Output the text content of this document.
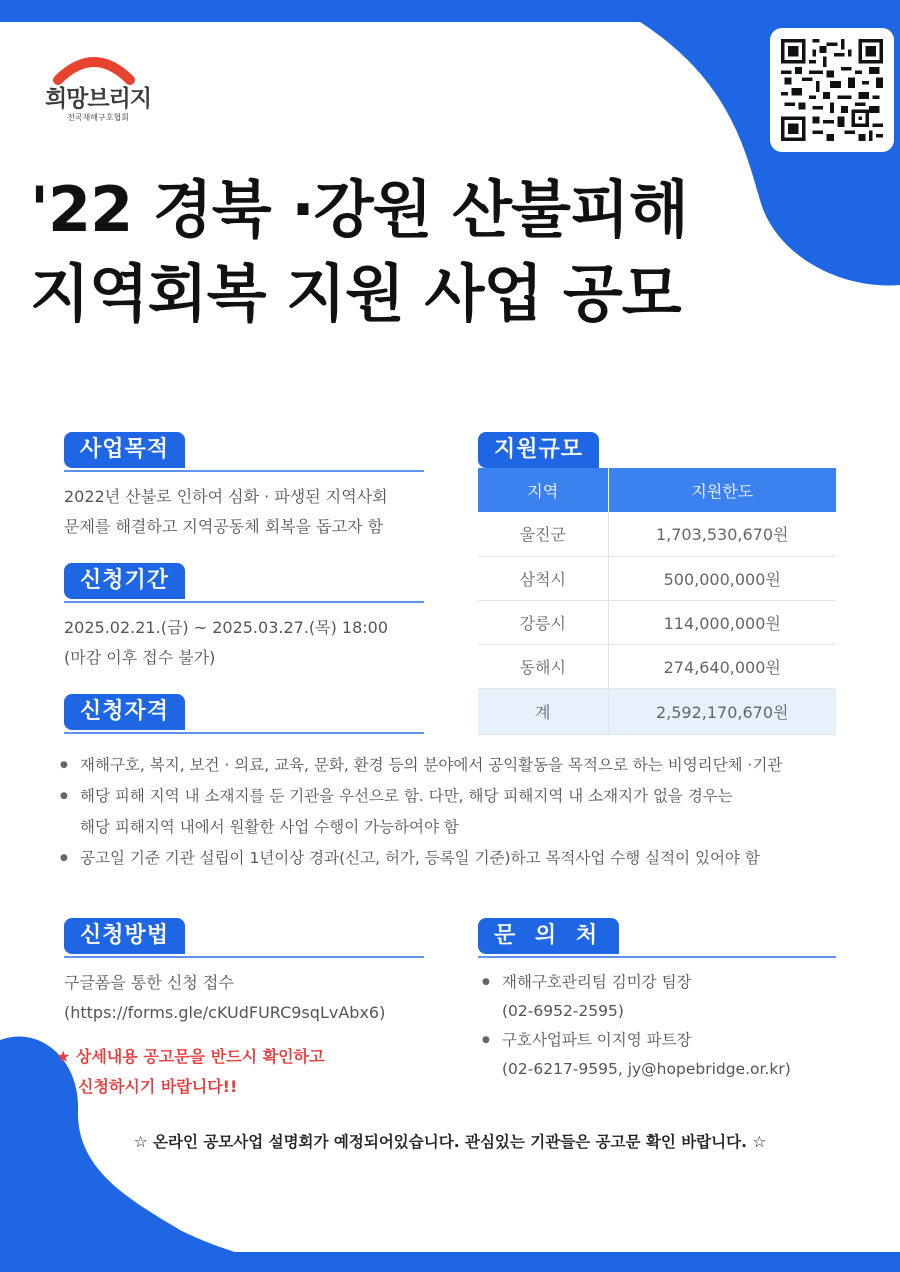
희망브리지
전국재해구호협회
'22 경북 ·강원 산불피해
지역회복 지원 사업 공모
사업목적
2022년 산불로 인하여 심화 · 파생된 지역사회
문제를 해결하고 지역공동체 회복을 돕고자 함
신청기간
2025.02.21.(금) ~ 2025.03.27.(목) 18:00
(마감 이후 접수 불가)
지원규모
지역	지원한도
울진군	1,703,530,670원
삼척시	500,000,000원
강릉시	114,000,000원
동해시	274,640,000원
계	2,592,170,670원
신청자격
● 재해구호, 복지, 보건 · 의료, 교육, 문화, 환경 등의 분야에서 공익활동을 목적으로 하는 비영리단체 ·기관
● 해당 피해 지역 내 소재지를 둔 기관을 우선으로 함. 다만, 해당 피해지역 내 소재지가 없을 경우는
해당 피해지역 내에서 원활한 사업 수행이 가능하여야 함
● 공고일 기준 기관 설립이 1년이상 경과(신고, 허가, 등록일 기준)하고 목적사업 수행 실적이 있어야 함
신청방법
구글폼을 통한 신청 접수
(https://forms.gle/cKUdFURC9sqLvAbx6)
★ 상세내용 공고문을 반드시 확인하고
신청하시기 바랍니다!!
문 의 처
● 재해구호관리팀 김미강 팀장
(02-6952-2595)
● 구호사업파트 이지영 파트장
(02-6217-9595, jy@hopebridge.or.kr)
☆ 온라인 공모사업 설명회가 예정되어있습니다. 관심있는 기관들은 공고문 확인 바랍니다. ☆
